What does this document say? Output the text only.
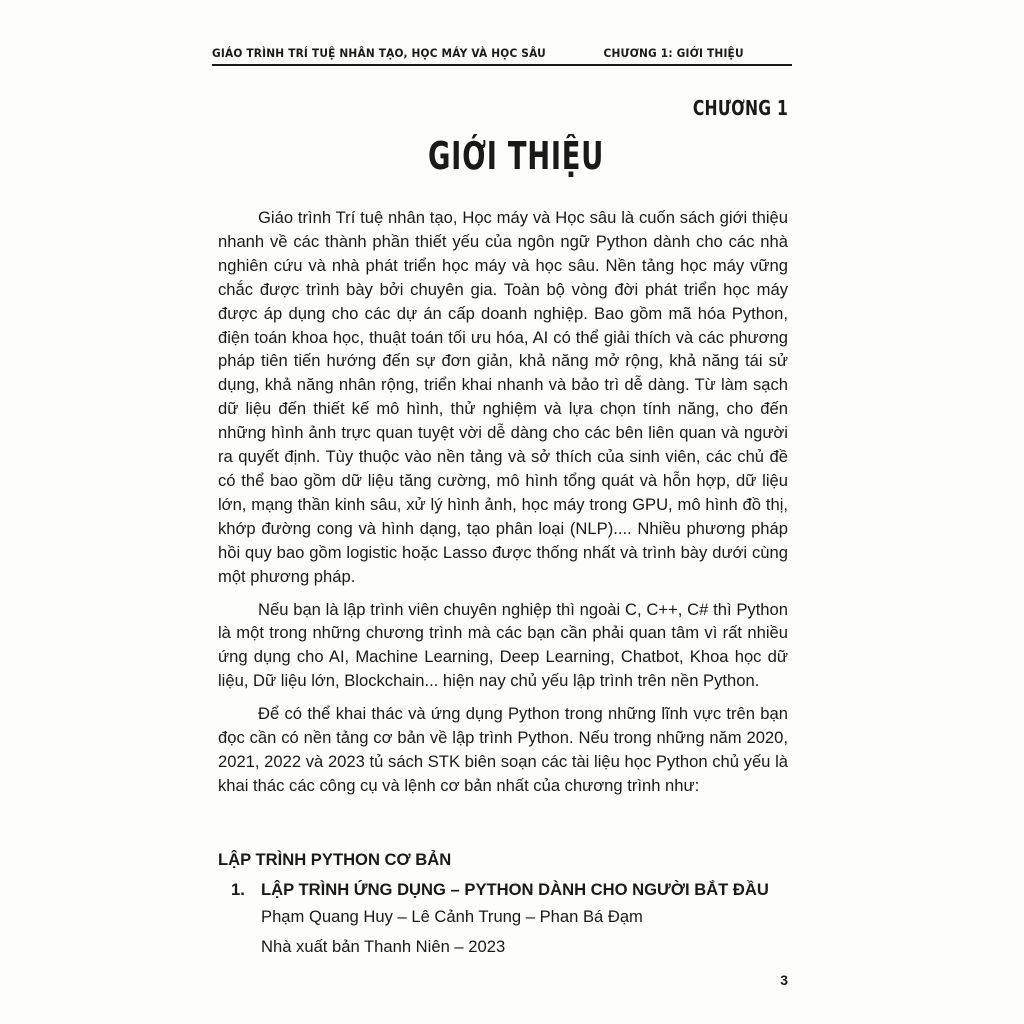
GIÁO TRÌNH TRÍ TUỆ NHÂN TẠO, HỌC MÁY VÀ HỌC SÂU	CHƯƠNG 1: GIỚI THIỆU
CHƯƠNG 1
GIỚI THIỆU

Giáo trình Trí tuệ nhân tạo, Học máy và Học sâu là cuốn sách giới thiệu nhanh về các thành phần thiết yếu của ngôn ngữ Python dành cho các nhà nghiên cứu và nhà phát triển học máy và học sâu. Nền tảng học máy vững chắc được trình bày bởi chuyên gia. Toàn bộ vòng đời phát triển học máy được áp dụng cho các dự án cấp doanh nghiệp. Bao gồm mã hóa Python, điện toán khoa học, thuật toán tối ưu hóa, AI có thể giải thích và các phương pháp tiên tiến hướng đến sự đơn giản, khả năng mở rộng, khả năng tái sử dụng, khả năng nhân rộng, triển khai nhanh và bảo trì dễ dàng. Từ làm sạch dữ liệu đến thiết kế mô hình, thử nghiệm và lựa chọn tính năng, cho đến những hình ảnh trực quan tuyệt vời dễ dàng cho các bên liên quan và người ra quyết định. Tùy thuộc vào nền tảng và sở thích của sinh viên, các chủ đề có thể bao gồm dữ liệu tăng cường, mô hình tổng quát và hỗn hợp, dữ liệu lớn, mạng thần kinh sâu, xử lý hình ảnh, học máy trong GPU, mô hình đồ thị, khớp đường cong và hình dạng, tạo phân loại (NLP).... Nhiều phương pháp hồi quy bao gồm logistic hoặc Lasso được thống nhất và trình bày dưới cùng một phương pháp.

Nếu bạn là lập trình viên chuyên nghiệp thì ngoài C, C++, C# thì Python là một trong những chương trình mà các bạn cần phải quan tâm vì rất nhiều ứng dụng cho AI, Machine Learning, Deep Learning, Chatbot, Khoa học dữ liệu, Dữ liệu lớn, Blockchain... hiện nay chủ yếu lập trình trên nền Python.

Để có thể khai thác và ứng dụng Python trong những lĩnh vực trên bạn đọc cần có nền tảng cơ bản về lập trình Python. Nếu trong những năm 2020, 2021, 2022 và 2023 tủ sách STK biên soạn các tài liệu học Python chủ yếu là khai thác các công cụ và lệnh cơ bản nhất của chương trình như:

LẬP TRÌNH PYTHON CƠ BẢN
1. LẬP TRÌNH ỨNG DỤNG – PYTHON DÀNH CHO NGƯỜI BẮT ĐẦU
Phạm Quang Huy – Lê Cảnh Trung – Phan Bá Đạm
Nhà xuất bản Thanh Niên – 2023
3
